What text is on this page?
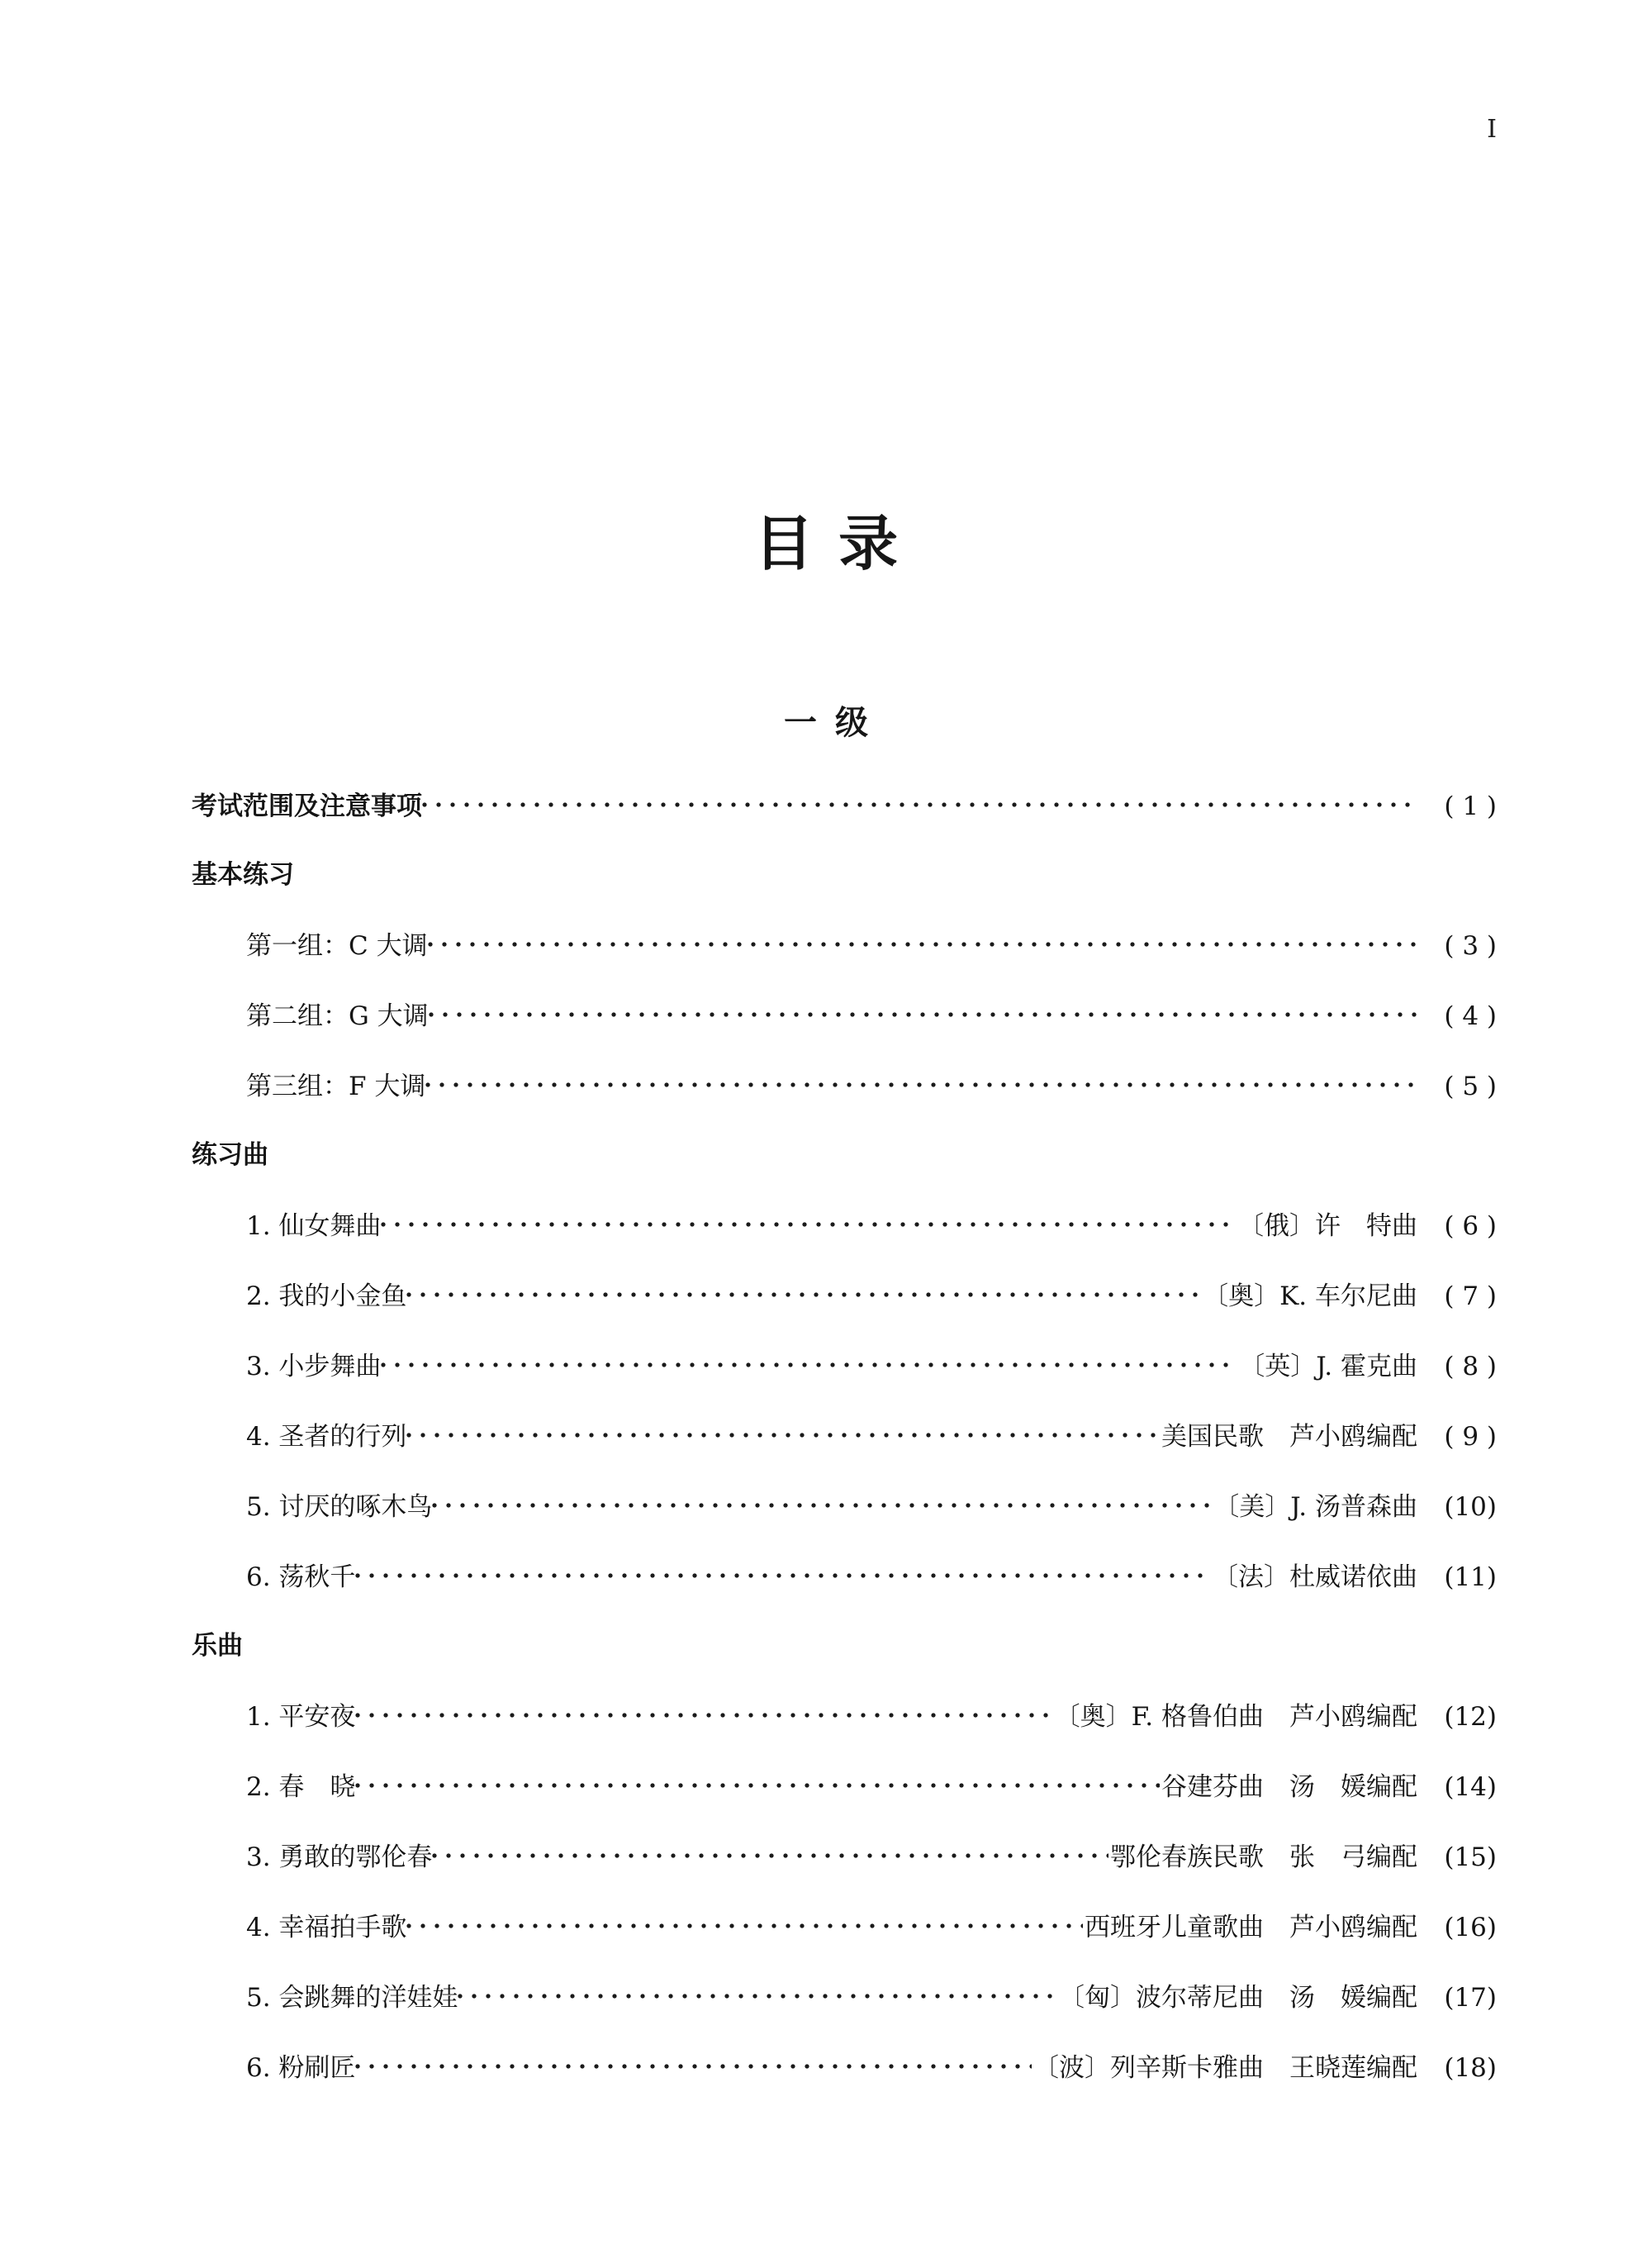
Ⅰ
目录
一级
考试范围及注意事项	( 1 )
基本练习
第一组：C 大调	( 3 )
第二组：G 大调	( 4 )
第三组：F 大调	( 5 )
练习曲
1. 仙女舞曲	〔俄〕许　特曲	( 6 )
2. 我的小金鱼	〔奥〕K. 车尔尼曲	( 7 )
3. 小步舞曲	〔英〕J. 霍克曲	( 8 )
4. 圣者的行列	美国民歌　芦小鸥编配	( 9 )
5. 讨厌的啄木鸟	〔美〕J. 汤普森曲	(10)
6. 荡秋千	〔法〕杜威诺依曲	(11)
乐曲
1. 平安夜	〔奥〕F. 格鲁伯曲　芦小鸥编配	(12)
2. 春　晓	谷建芬曲　汤　媛编配	(14)
3. 勇敢的鄂伦春	鄂伦春族民歌　张　弓编配	(15)
4. 幸福拍手歌	西班牙儿童歌曲　芦小鸥编配	(16)
5. 会跳舞的洋娃娃	〔匈〕波尔蒂尼曲　汤　媛编配	(17)
6. 粉刷匠	〔波〕列辛斯卡雅曲　王晓莲编配	(18)
